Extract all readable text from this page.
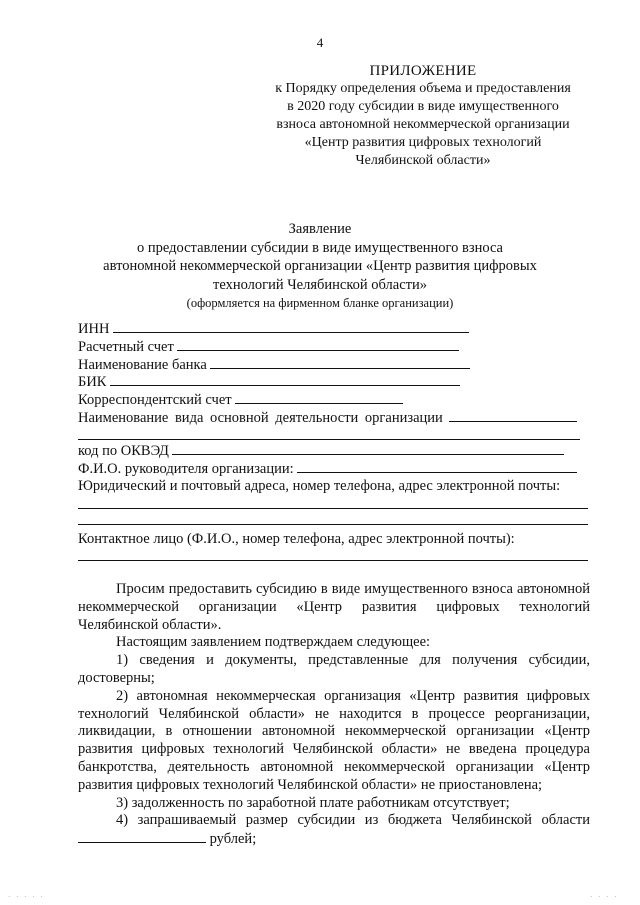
4
ПРИЛОЖЕНИЕ
к Порядку определения объема и предоставления
в 2020 году субсидии в виде имущественного
взноса автономной некоммерческой организации
«Центр развития цифровых технологий
Челябинской области»
Заявление
о предоставлении субсидии в виде имущественного взноса
автономной некоммерческой организации «Центр развития цифровых
технологий Челябинской области»
(оформляется на фирменном бланке организации)
ИНН
Расчетный счет
Наименование банка
БИК
Корреспондентский счет
Наименование вида основной деятельности организации
код по ОКВЭД
Ф.И.О. руководителя организации:
Юридический и почтовый адреса, номер телефона, адрес электронной почты:
Контактное лицо (Ф.И.О., номер телефона, адрес электронной почты):

Просим предоставить субсидию в виде имущественного взноса автономной некоммерческой организации «Центр развития цифровых технологий Челябинской области».

Настоящим заявлением подтверждаем следующее:

1) сведения и документы, представленные для получения субсидии, достоверны;

2) автономная некоммерческая организация «Центр развития цифровых технологий Челябинской области» не находится в процессе реорганизации, ликвидации, в отношении автономной некоммерческой организации «Центр развития цифровых технологий Челябинской области» не введена процедура банкротства, деятельность автономной некоммерческой организации «Центр развития цифровых технологий Челябинской области» не приостановлена;

3) задолженность по заработной плате работникам отсутствует;

4) запрашиваемый размер субсидии из бюджета Челябинской области

рублей;

· · · · ·	· · · ·
